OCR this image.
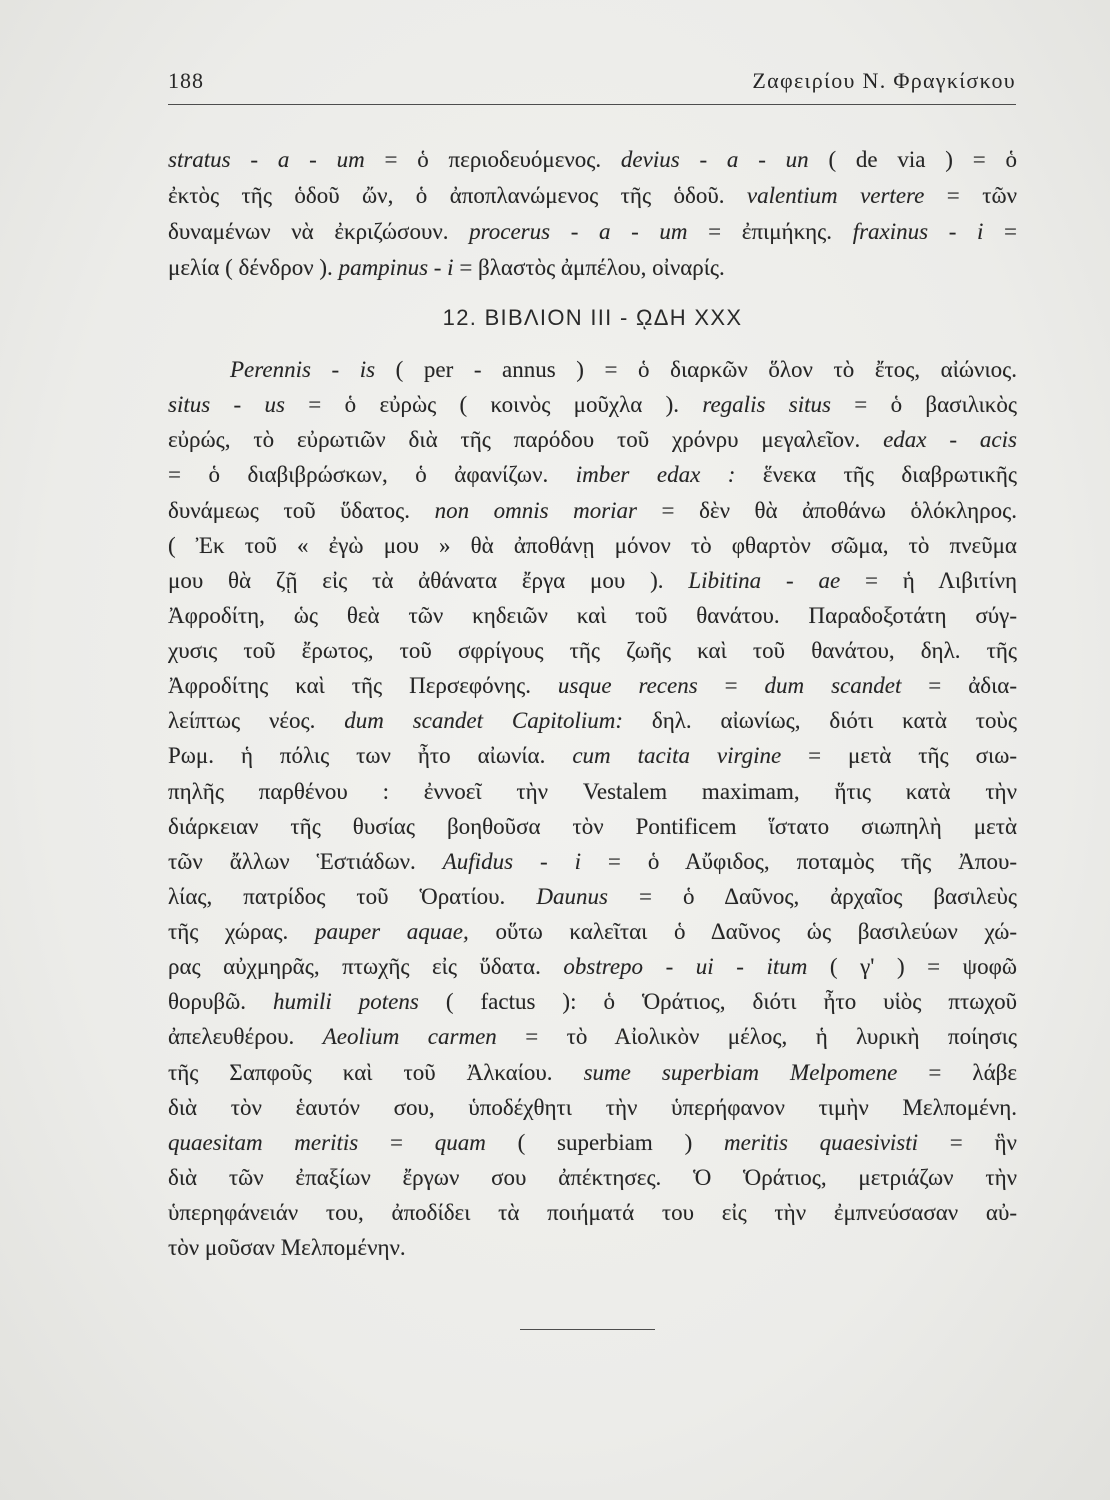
188	Ζαφειρίου Ν. Φραγκίσκου
stratus - a - um = ὁ περιοδευόμενος. devius - a - un ( de via ) = ὁ
ἐκτὸς τῆς ὁδοῦ ὤν, ὁ ἀποπλανώμενος τῆς ὁδοῦ. valentium vertere = τῶν
δυναμένων νὰ ἐκριζώσουν. procerus - a - um = ἐπιμήκης. fraxinus - i =
μελία ( δένδρον ). pampinus - i = βλαστὸς ἀμπέλου, οἰναρίς.
12. ΒΙΒΛΙΟΝ III - ῼΔΗ XXX
Perennis - is ( per - annus ) = ὁ διαρκῶν ὅλον τὸ ἔτος, αἰώνιος.
situs - us = ὁ εὐρὼς ( κοινὸς μοῦχλα ). regalis situs = ὁ βασιλικὸς
εὐρώς, τὸ εὐρωτιῶν διὰ τῆς παρόδου τοῦ χρόνρυ μεγαλεῖον. edax - acis
= ὁ διαβιβρώσκων, ὁ ἀφανίζων. imber edax : ἕνεκα τῆς διαβρωτικῆς
δυνάμεως τοῦ ὕδατος. non omnis moriar = δὲν θὰ ἀποθάνω ὁλόκληρος.
( Ἐκ τοῦ « ἐγὼ μου » θὰ ἀποθάνῃ μόνον τὸ φθαρτὸν σῶμα, τὸ πνεῦμα
μου θὰ ζῇ εἰς τὰ ἀθάνατα ἔργα μου ). Libitina - ae = ἡ Λιβιτίνη
Ἀφροδίτη, ὡς θεὰ τῶν κηδειῶν καὶ τοῦ θανάτου. Παραδοξοτάτη σύγ-
χυσις τοῦ ἔρωτος, τοῦ σφρίγους τῆς ζωῆς καὶ τοῦ θανάτου, δηλ. τῆς
Ἀφροδίτης καὶ τῆς Περσεφόνης. usque recens = dum scandet = ἀδια-
λείπτως νέος. dum scandet Capitolium: δηλ. αἰωνίως, διότι κατὰ τοὺς
Ρωμ. ἡ πόλις των ἦτο αἰωνία. cum tacita virgine = μετὰ τῆς σιω-
πηλῆς παρθένου : ἐννοεῖ τὴν Vestalem maximam, ἥτις κατὰ τὴν
διάρκειαν τῆς θυσίας βοηθοῦσα τὸν Pontificem ἵστατο σιωπηλὴ μετὰ
τῶν ἄλλων Ἑστιάδων. Aufidus - i = ὁ Αὔφιδος, ποταμὸς τῆς Ἀπου-
λίας, πατρίδος τοῦ Ὁρατίου. Daunus = ὁ Δαῦνος, ἀρχαῖος βασιλεὺς
τῆς χώρας. pauper aquae, οὕτω καλεῖται ὁ Δαῦνος ὡς βασιλεύων χώ-
ρας αὐχμηρᾶς, πτωχῆς εἰς ὕδατα. obstrepo - ui - itum ( γ' ) = ψοφῶ
θορυβῶ. humili potens ( factus ): ὁ Ὁράτιος, διότι ἦτο υἱὸς πτωχοῦ
ἀπελευθέρου. Aeolium carmen = τὸ Αἰολικὸν μέλος, ἡ λυρικὴ ποίησις
τῆς Σαπφοῦς καὶ τοῦ Ἀλκαίου. sume superbiam Melpomene = λάβε
διὰ τὸν ἑαυτόν σου, ὑποδέχθητι τὴν ὑπερήφανον τιμὴν Μελπομένη.
quaesitam meritis = quam ( superbiam ) meritis quaesivisti = ἣν
διὰ τῶν ἐπαξίων ἔργων σου ἀπέκτησες. Ὁ Ὁράτιος, μετριάζων τὴν
ὑπερηφάνειάν του, ἀποδίδει τὰ ποιήματά του εἰς τὴν ἐμπνεύσασαν αὐ-
τὸν μοῦσαν Μελπομένην.
